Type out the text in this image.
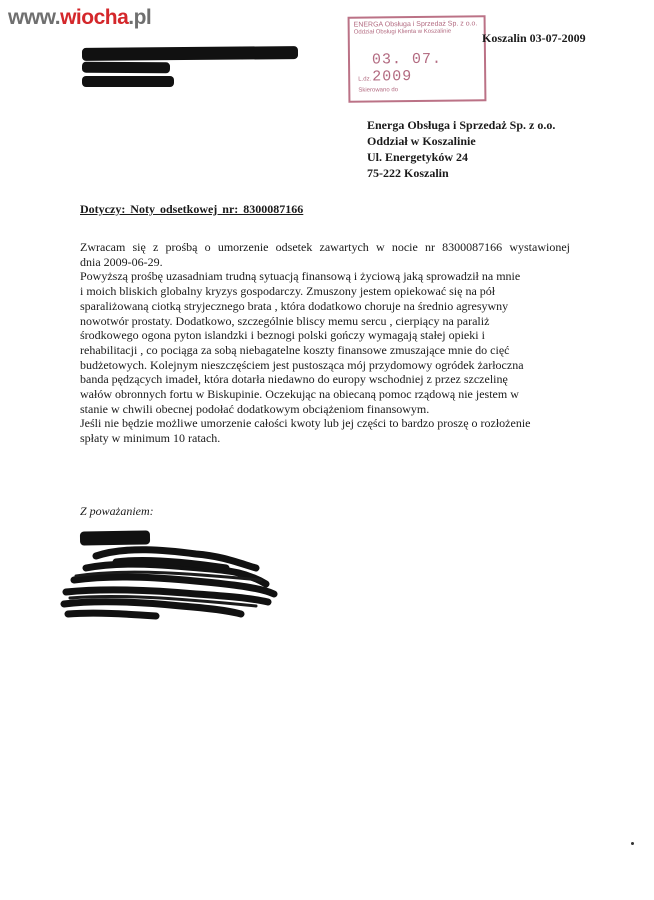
www.wiocha.pl	ENERGA Obsługa i Sprzedaż Sp. z o.o.
Oddział Obsługi Klienta w Koszalinie
03. 07. 2009
L.dz.
Skierowano do
Koszalin 03-07-2009
Energa Obsługa i Sprzedaż Sp. z o.o.
Oddział w Koszalinie
Ul. Energetyków 24
75-222 Koszalin
Dotyczy: Noty odsetkowej nr: 8300087166
Zwracam się z prośbą o umorzenie odsetek zawartych w nocie nr 8300087166 wystawionej
dnia 2009-06-29.
Powyższą prośbę uzasadniam trudną sytuacją finansową i życiową jaką sprowadził na mnie
i moich bliskich globalny kryzys gospodarczy. Zmuszony jestem opiekować się na pół
sparaliżowaną ciotką stryjecznego brata , która dodatkowo choruje na średnio agresywny
nowotwór prostaty. Dodatkowo, szczególnie bliscy memu sercu , cierpiący na paraliż
środkowego ogona pyton islandzki i beznogi polski gończy wymagają stałej opieki i
rehabilitacji , co pociąga za sobą niebagatelne koszty finansowe zmuszające mnie do cięć
budżetowych. Kolejnym nieszczęściem jest pustosząca mój przydomowy ogródek żarłoczna
banda pędzących imadeł, która dotarła niedawno do europy wschodniej z przez szczelinę
wałów obronnych fortu w Biskupinie. Oczekując na obiecaną pomoc rządową nie jestem w
stanie w chwili obecnej podołać dodatkowym obciążeniom finansowym.
Jeśli nie będzie możliwe umorzenie całości kwoty lub jej części to bardzo proszę o rozłożenie
spłaty w minimum 10 ratach.
Z poważaniem:
